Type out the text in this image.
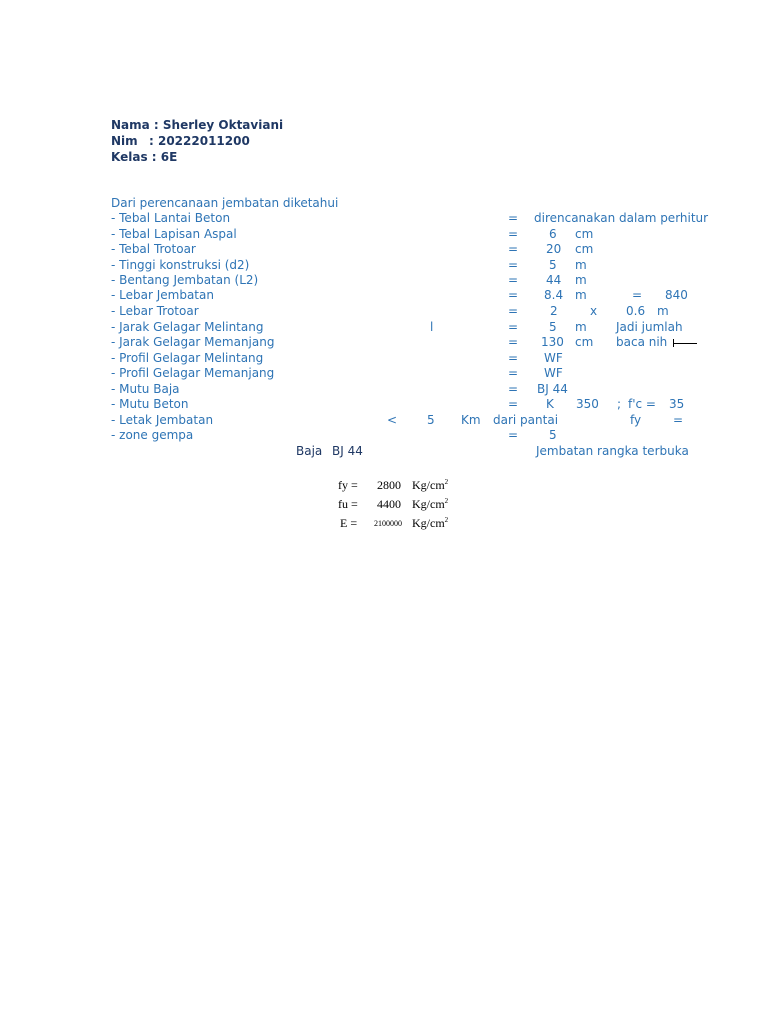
Nama : Sherley Oktaviani
Nim : 20222011200
Kelas : 6E
Dari perencanaan jembatan diketahui
- Tebal Lantai Beton	= direncanakan dalam perhitur
- Tebal Lapisan Aspal	=	6 cm
- Tebal Trotoar	= 20 cm
- Tinggi konstruksi (d2)	=	5 m
- Bentang Jembatan (L2)	= 44 m
- Lebar Jembatan	= 8.4 m	= 840
- Lebar Trotoar	=	2	x 0.6 m
- Jarak Gelagar Melintang	l	=	5 m Jadi jumlah
- Jarak Gelagar Memanjang	= 130 cm baca nih
- Profil Gelagar Melintang	= WF
- Profil Gelagar Memanjang	= WF
- Mutu Baja	= BJ 44
- Mutu Beton	= K 350 ; f'c = 35
- Letak Jembatan	< 5 Km dari pantai	fy	=
- zone gempa	=	5
Baja BJ 44	Jembatan rangka terbuka
fy = 2800 $Kg/cm^2$
fu = 4400 $Kg/cm^2$
E = 2100000 $Kg/cm^2$
